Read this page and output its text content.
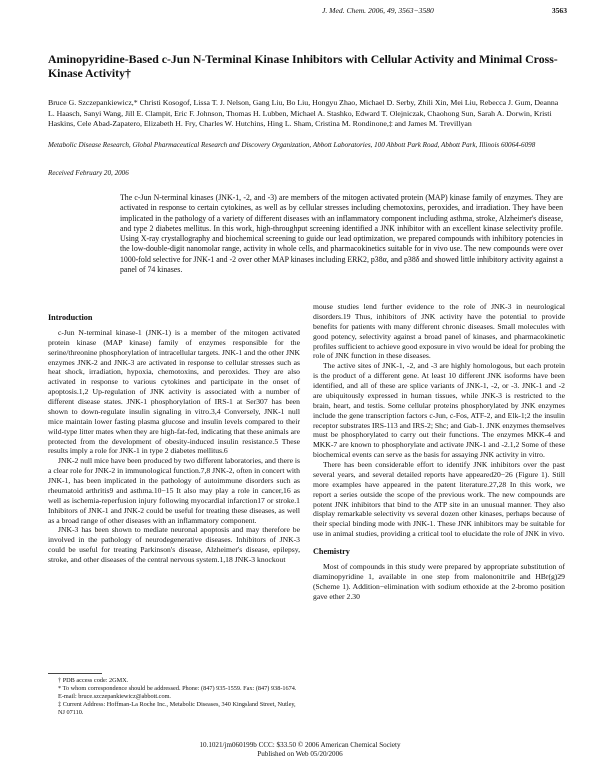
J. Med. Chem. 2006, 49, 3563−3580	3563
Aminopyridine-Based c-Jun N-Terminal Kinase Inhibitors with Cellular Activity and Minimal Cross-Kinase Activity†
Bruce G. Szczepankiewicz,* Christi Kosogof, Lissa T. J. Nelson, Gang Liu, Bo Liu, Hongyu Zhao, Michael D. Serby, Zhili Xin, Mei Liu, Rebecca J. Gum, Deanna L. Haasch, Sanyi Wang, Jill E. Clampit, Eric F. Johnson, Thomas H. Lubben, Michael A. Stashko, Edward T. Olejniczak, Chaohong Sun, Sarah A. Dorwin, Kristi Haskins, Cele Abad-Zapatero, Elizabeth H. Fry, Charles W. Hutchins, Hing L. Sham, Cristina M. Rondinone,‡ and James M. Trevillyan
Metabolic Disease Research, Global Pharmaceutical Research and Discovery Organization, Abbott Laboratories, 100 Abbott Park Road, Abbott Park, Illinois 60064-6098
Received February 20, 2006
The c-Jun N-terminal kinases (JNK-1, -2, and -3) are members of the mitogen activated protein (MAP) kinase family of enzymes. They are activated in response to certain cytokines, as well as by cellular stresses including chemotoxins, peroxides, and irradiation. They have been implicated in the pathology of a variety of different diseases with an inflammatory component including asthma, stroke, Alzheimer's disease, and type 2 diabetes mellitus. In this work, high-throughput screening identified a JNK inhibitor with an excellent kinase selectivity profile. Using X-ray crystallography and biochemical screening to guide our lead optimization, we prepared compounds with inhibitory potencies in the low-double-digit nanomolar range, activity in whole cells, and pharmacokinetics suitable for in vivo use. The new compounds were over 1000-fold selective for JNK-1 and -2 over other MAP kinases including ERK2, p38α, and p38δ and showed little inhibitory activity against a panel of 74 kinases.
Introduction

c-Jun N-terminal kinase-1 (JNK-1) is a member of the mitogen activated protein kinase (MAP kinase) family of enzymes responsible for the serine/threonine phosphorylation of intracellular targets. JNK-1 and the other JNK enzymes JNK-2 and JNK-3 are activated in response to cellular stresses such as heat shock, irradiation, hypoxia, chemotoxins, and peroxides. They are also activated in response to various cytokines and participate in the onset of apoptosis.1,2 Up-regulation of JNK activity is associated with a number of different disease states. JNK-1 phosphorylation of IRS-1 at Ser307 has been shown to down-regulate insulin signaling in vitro.3,4 Conversely, JNK-1 null mice maintain lower fasting plasma glucose and insulin levels compared to their wild-type litter mates when they are high-fat-fed, indicating that these animals are protected from the development of obesity-induced insulin resistance.5 These results imply a role for JNK-1 in type 2 diabetes mellitus.6

JNK-2 null mice have been produced by two different laboratories, and there is a clear role for JNK-2 in immunological function.7,8 JNK-2, often in concert with JNK-1, has been implicated in the pathology of autoimmune disorders such as rheumatoid arthritis9 and asthma.10−15 It also may play a role in cancer,16 as well as ischemia-reperfusion injury following myocardial infarction17 or stroke.1 Inhibitors of JNK-1 and JNK-2 could be useful for treating these diseases, as well as a broad range of other diseases with an inflammatory component.

JNK-3 has been shown to mediate neuronal apoptosis and may therefore be involved in the pathology of neurodegenerative diseases. Inhibitors of JNK-3 could be useful for treating Parkinson's disease, Alzheimer's disease, epilepsy, stroke, and other diseases of the central nervous system.1,18 JNK-3 knockout

mouse studies lend further evidence to the role of JNK-3 in neurological disorders.19 Thus, inhibitors of JNK activity have the potential to provide benefits for patients with many different chronic diseases. Small molecules with good potency, selectivity against a broad panel of kinases, and pharmacokinetic profiles sufficient to achieve good exposure in vivo would be ideal for probing the role of JNK function in these diseases.

The active sites of JNK-1, -2, and -3 are highly homologous, but each protein is the product of a different gene. At least 10 different JNK isoforms have been identified, and all of these are splice variants of JNK-1, -2, or -3. JNK-1 and -2 are ubiquitously expressed in human tissues, while JNK-3 is restricted to the brain, heart, and testis. Some cellular proteins phosphorylated by JNK enzymes include the gene transcription factors c-Jun, c-Fos, ATF-2, and Elk-1;2 the insulin receptor substrates IRS-113 and IRS-2; Shc; and Gab-1. JNK enzymes themselves must be phosphorylated to carry out their functions. The enzymes MKK-4 and MKK-7 are known to phosphorylate and activate JNK-1 and -2.1,2 Some of these biochemical events can serve as the basis for assaying JNK activity in vitro.

There has been considerable effort to identify JNK inhibitors over the past several years, and several detailed reports have appeared20−26 (Figure 1). Still more examples have appeared in the patent literature.27,28 In this work, we report a series outside the scope of the previous work. The new compounds are potent JNK inhibitors that bind to the ATP site in an unusual manner. They also display remarkable selectivity vs several dozen other kinases, perhaps because of their special binding mode with JNK-1. These JNK inhibitors may be suitable for use in animal studies, providing a critical tool to elucidate the role of JNK in vivo.

Chemistry

Most of compounds in this study were prepared by appropriate substitution of diaminopyridine 1, available in one step from malononitrile and HBr(g)29 (Scheme 1). Addition−elimination with sodium ethoxide at the 2-bromo position gave ether 2.30

† PDB access code: 2GMX.
* To whom correspondence should be addressed. Phone: (847) 935-1559. Fax: (847) 938-1674. E-mail: bruce.szczepankiewicz@abbott.com.
‡ Current Address: Hoffman-La Roche Inc., Metabolic Diseases, 340 Kingsland Street, Nutley, NJ 07110.
10.1021/jm060199b CCC: $33.50 © 2006 American Chemical Society
Published on Web 05/20/2006
